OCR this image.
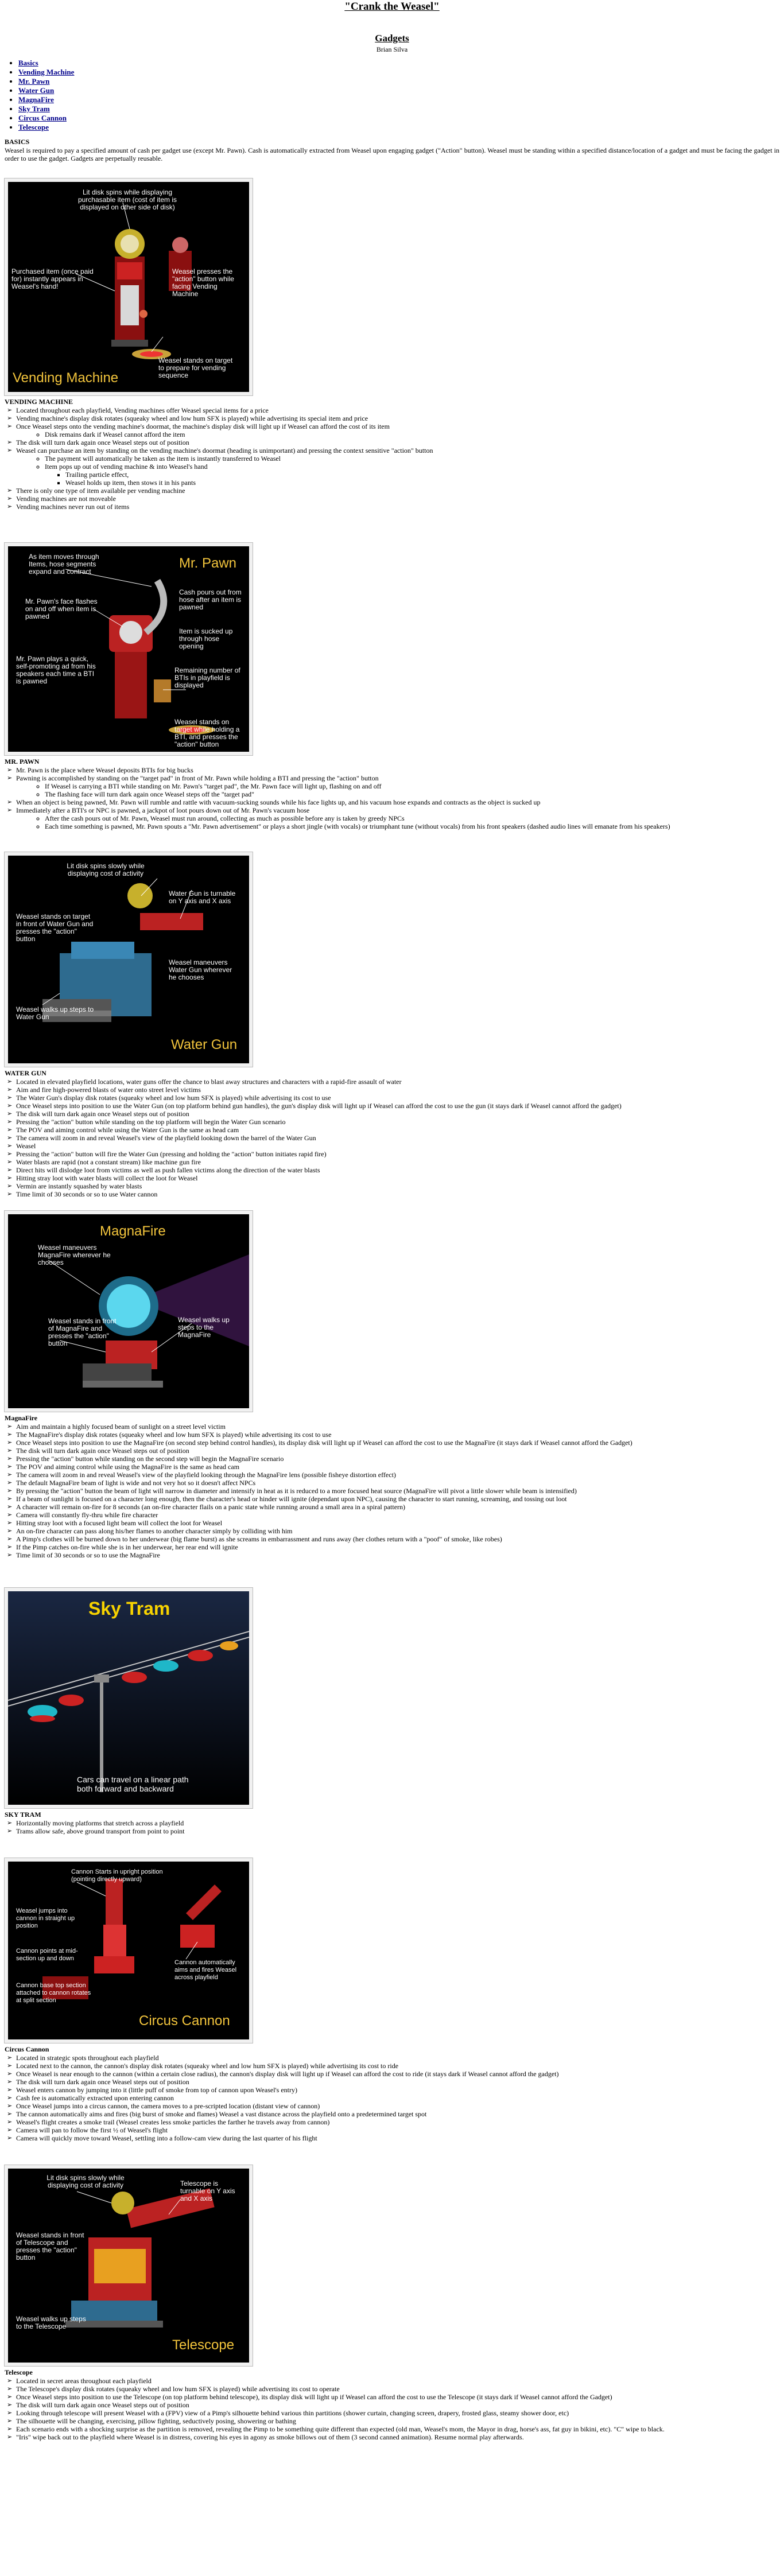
"Crank the Weasel"
Gadgets
Brian Silva
• Basics
• Vending Machine
• Mr. Pawn
• Water Gun
• MagnaFire
• Sky Tram
• Circus Cannon
• Telescope
BASICS

Weasel is required to pay a specified amount of cash per gadget use (except Mr. Pawn). Cash is automatically extracted from Weasel upon engaging gadget ("Action" button). Weasel must be standing within a specified distance/location of a gadget and must be facing the gadget in order to use the gadget. Gadgets are perpetually reusable.

Lit disk spins while displaying purchasable item (cost of item is displayed on other side of disk)
Purchased item (once paid for) instantly appears in Weasel's hand!
Weasel presses the "action" button while facing Vending Machine
Weasel stands on target to prepare for vending sequence
Vending Machine
VENDING MACHINE
➢ Located throughout each playfield, Vending machines offer Weasel special items for a price
➢ Vending machine's display disk rotates (squeaky wheel and low hum SFX is played) while advertising its special item and price
➢ Once Weasel steps onto the vending machine's doormat, the machine's display disk will light up if Weasel can afford the cost of its item
◦ Disk remains dark if Weasel cannot afford the item
➢ The disk will turn dark again once Weasel steps out of position
➢ Weasel can purchase an item by standing on the vending machine's doormat (heading is unimportant) and pressing the context sensitive "action" button
◦ The payment will automatically be taken as the item is instantly transferred to Weasel
◦ Item pops up out of vending machine & into Weasel's hand
▪ Trailing particle effect,
▪ Weasel holds up item, then stows it in his pants
➢ There is only one type of item available per vending machine
➢ Vending machines are not moveable
➢ Vending machines never run out of items
Mr. Pawn
As item moves through Items, hose segments expand and contract
Mr. Pawn's face flashes on and off when item is pawned
Mr. Pawn plays a quick, self-promoting ad from his speakers each time a BTI is pawned
Cash pours out from hose after an item is pawned
Item is sucked up through hose opening
Remaining number of BTIs in playfield is displayed
Weasel stands on target while holding a BTI, and presses the "action" button
MR. PAWN
➢ Mr. Pawn is the place where Weasel deposits BTIs for big bucks
➢ Pawning is accomplished by standing on the "target pad" in front of Mr. Pawn while holding a BTI and pressing the "action" button
◦ If Weasel is carrying a BTI while standing on Mr. Pawn's "target pad", the Mr. Pawn face will light up, flashing on and off
◦ The flashing face will turn dark again once Weasel steps off the "target pad"
➢ When an object is being pawned, Mr. Pawn will rumble and rattle with vacuum-sucking sounds while his face lights up, and his vacuum hose expands and contracts as the object is sucked up
➢ Immediately after a BTI's or NPC is pawned, a jackpot of loot pours down out of Mr. Pawn's vacuum hose
◦ After the cash pours out of Mr. Pawn, Weasel must run around, collecting as much as possible before any is taken by greedy NPCs
◦ Each time something is pawned, Mr. Pawn spouts a "Mr. Pawn advertisement" or plays a short jingle (with vocals) or triumphant tune (without vocals) from his front speakers (dashed audio lines will emanate from his speakers)
Lit disk spins slowly while displaying cost of activity
Water Gun is turnable on Y axis and X axis
Weasel stands on target in front of Water Gun and presses the "action" button
Weasel maneuvers Water Gun wherever he chooses
Weasel walks up steps to Water Gun
Water Gun
WATER GUN
➢ Located in elevated playfield locations, water guns offer the chance to blast away structures and characters with a rapid-fire assault of water
➢ Aim and fire high-powered blasts of water onto street level victims
➢ The Water Gun's display disk rotates (squeaky wheel and low hum SFX is played) while advertising its cost to use
➢ Once Weasel steps into position to use the Water Gun (on top platform behind gun handles), the gun's display disk will light up if Weasel can afford the cost to use the gun (it stays dark if Weasel cannot afford the gadget)
➢ The disk will turn dark again once Weasel steps out of position
➢ Pressing the "action" button while standing on the top platform will begin the Water Gun scenario
➢ The POV and aiming control while using the Water Gun is the same as head cam
➢ The camera will zoom in and reveal Weasel's view of the playfield looking down the barrel of the Water Gun
➢ Weasel
➢ Pressing the "action" button will fire the Water Gun (pressing and holding the "action" button initiates rapid fire)
➢ Water blasts are rapid (not a constant stream) like machine gun fire
➢ Direct hits will dislodge loot from victims as well as push fallen victims along the direction of the water blasts
➢ Hitting stray loot with water blasts will collect the loot for Weasel
➢ Vermin are instantly squashed by water blasts
➢ Time limit of 30 seconds or so to use Water cannon
MagnaFire
Weasel maneuvers MagnaFire wherever he chooses
Weasel stands in front of MagnaFire and presses the "action" button
Weasel walks up steps to the MagnaFire
MagnaFire
➢ Aim and maintain a highly focused beam of sunlight on a street level victim
➢ The MagnaFire's display disk rotates (squeaky wheel and low hum SFX is played) while advertising its cost to use
➢ Once Weasel steps into position to use the MagnaFire (on second step behind control handles), its display disk will light up if Weasel can afford the cost to use the MagnaFire (it stays dark if Weasel cannot afford the Gadget)
➢ The disk will turn dark again once Weasel steps out of position
➢ Pressing the "action" button while standing on the second step will begin the MagnaFire scenario
➢ The POV and aiming control while using the MagnaFire is the same as head cam
➢ The camera will zoom in and reveal Weasel's view of the playfield looking through the MagnaFire lens (possible fisheye distortion effect)
➢ The default MagnaFire beam of light is wide and not very hot so it doesn't affect NPCs
➢ By pressing the "action" button the beam of light will narrow in diameter and intensify in heat as it is reduced to a more focused heat source (MagnaFire will pivot a little slower while beam is intensified)
➢ If a beam of sunlight is focused on a character long enough, then the character's head or hinder will ignite (dependant upon NPC), causing the character to start running, screaming, and tossing out loot
➢ A character will remain on-fire for 8 seconds (an on-fire character flails on a panic state while running around a small area in a spiral pattern)
➢ Camera will constantly fly-thru while fire character
➢ Hitting stray loot with a focused light beam will collect the loot for Weasel
➢ An on-fire character can pass along his/her flames to another character simply by colliding with him
➢ A Pimp's clothes will be burned down to her underwear (big flame burst) as she screams in embarrassment and runs away (her clothes return with a "poof" of smoke, like robes)
➢ If the Pimp catches on-fire while she is in her underwear, her rear end will ignite
➢ Time limit of 30 seconds or so to use the MagnaFire
Sky Tram
Cars can travel on a linear path both forward and backward
SKY TRAM
➢ Horizontally moving platforms that stretch across a playfield
➢ Trams allow safe, above ground transport from point to point
Cannon Starts in upright position (pointing directly upward)
Weasel jumps into cannon in straight up position
Cannon points at mid-section up and down
Cannon automatically aims and fires Weasel across playfield
Cannon base top section attached to cannon rotates at split section
Circus Cannon
Circus Cannon
➢ Located in strategic spots throughout each playfield
➢ Located next to the cannon, the cannon's display disk rotates (squeaky wheel and low hum SFX is played) while advertising its cost to ride
➢ Once Weasel is near enough to the cannon (within a certain close radius), the cannon's display disk will light up if Weasel can afford the cost to ride (it stays dark if Weasel cannot afford the gadget)
➢ The disk will turn dark again once Weasel steps out of position
➢ Weasel enters cannon by jumping into it (little puff of smoke from top of cannon upon Weasel's entry)
➢ Cash fee is automatically extracted upon entering cannon
➢ Once Weasel jumps into a circus cannon, the camera moves to a pre-scripted location (distant view of cannon)
➢ The cannon automatically aims and fires (big burst of smoke and flames) Weasel a vast distance across the playfield onto a predetermined target spot
➢ Weasel's flight creates a smoke trail (Weasel creates less smoke particles the farther he travels away from cannon)
➢ Camera will pan to follow the first ½ of Weasel's flight
➢ Camera will quickly move toward Weasel, settling into a follow-cam view during the last quarter of his flight
Lit disk spins slowly while displaying cost of activity	Telescope is turnable on Y axis and X axis
Weasel stands in front of Telescope and presses the "action" button
Weasel walks up steps to the Telescope
Telescope
Telescope
➢ Located in secret areas throughout each playfield
➢ The Telescope's display disk rotates (squeaky wheel and low hum SFX is played) while advertising its cost to operate
➢ Once Weasel steps into position to use the Telescope (on top platform behind telescope), its display disk will light up if Weasel can afford the cost to use the Telescope (it stays dark if Weasel cannot afford the Gadget)
➢ The disk will turn dark again once Weasel steps out of position
➢ Looking through telescope will present Weasel with a (FPV) view of a Pimp's silhouette behind various thin partitions (shower curtain, changing screen, drapery, frosted glass, steamy shower door, etc)
➢ The silhouette will be changing, exercising, pillow fighting, seductively posing, showering or bathing
➢ Each scenario ends with a shocking surprise as the partition is removed, revealing the Pimp to be something quite different than expected (old man, Weasel's mom, the Mayor in drag, horse's ass, fat guy in bikini, etc). "C" wipe to black.
➢ "Iris" wipe back out to the playfield where Weasel is in distress, covering his eyes in agony as smoke billows out of them (3 second canned animation). Resume normal play afterwards.
